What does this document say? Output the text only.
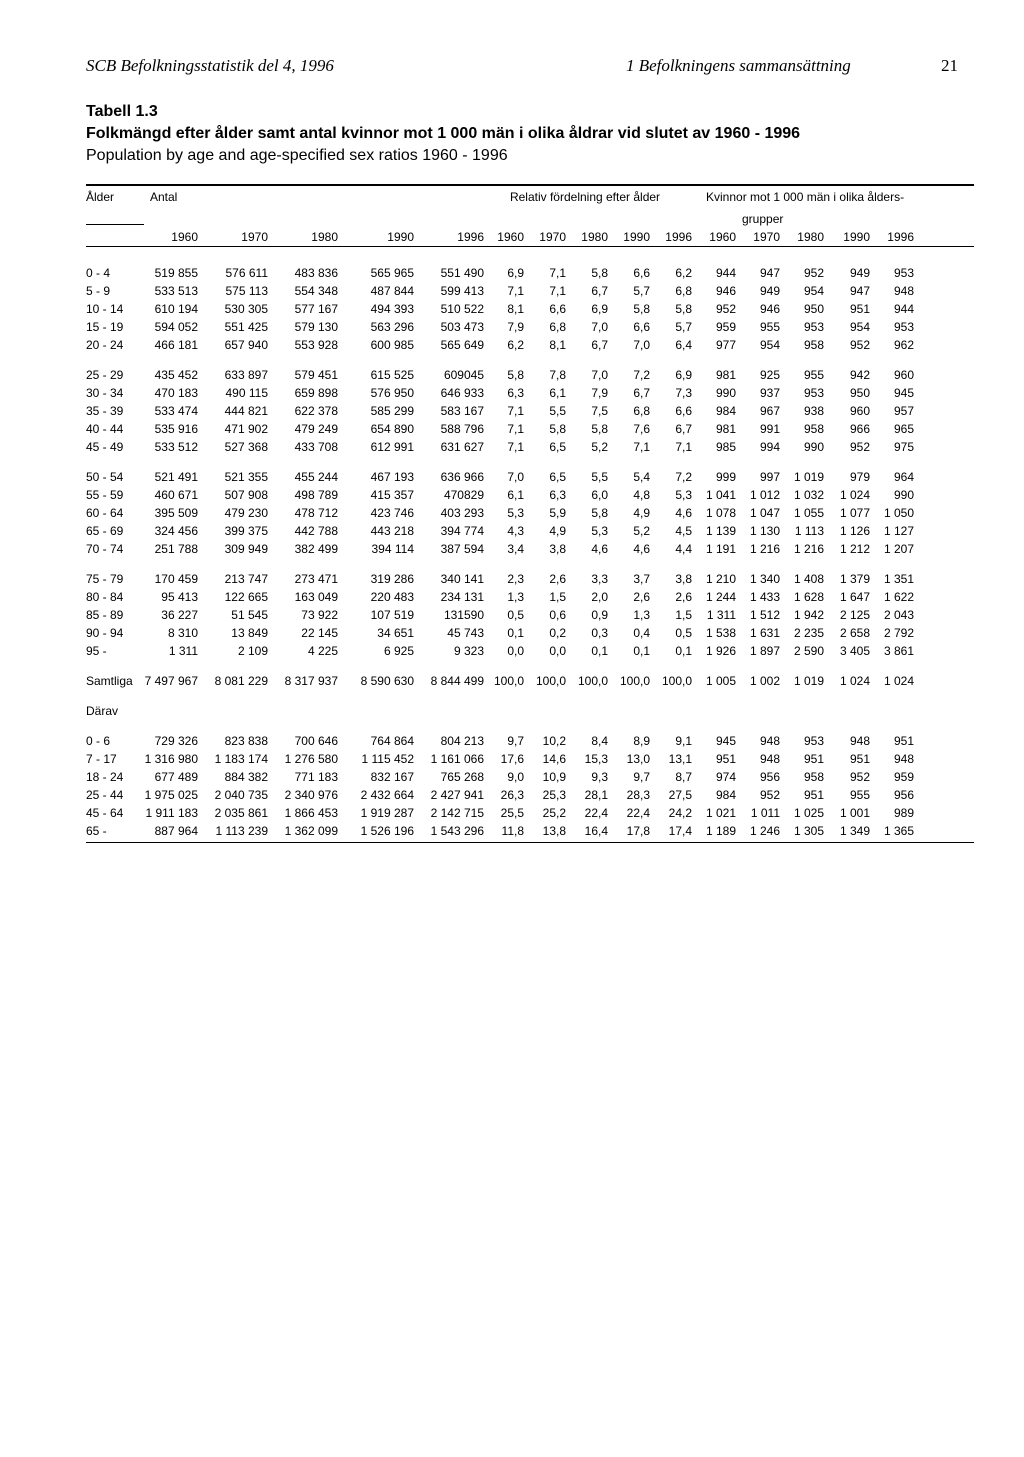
SCB Befolkningsstatistik del 4, 1996	1 Befolkningens sammansättning	21
Tabell 1.3
Folkmängd efter ålder samt antal kvinnor mot 1 000 män i olika åldrar vid slutet av 1960 - 1996
Population by age and age-specified sex ratios 1960 - 1996
Ålder	Antal					Relativ fördelning efter ålder					Kvinnor mot 1 000 män i olika ålders-				
											grupper				
	1960	1970	1980	1990	1996	1960	1970	1980	1990	1996	1960	1970	1980	1990	1996

0 - 4	519 855	576 611	483 836	565 965	551 490	6,9	7,1	5,8	6,6	6,2	944	947	952	949	953
5 - 9	533 513	575 113	554 348	487 844	599 413	7,1	7,1	6,7	5,7	6,8	946	949	954	947	948
10 - 14	610 194	530 305	577 167	494 393	510 522	8,1	6,6	6,9	5,8	5,8	952	946	950	951	944
15 - 19	594 052	551 425	579 130	563 296	503 473	7,9	6,8	7,0	6,6	5,7	959	955	953	954	953
20 - 24	466 181	657 940	553 928	600 985	565 649	6,2	8,1	6,7	7,0	6,4	977	954	958	952	962

25 - 29	435 452	633 897	579 451	615 525	609045	5,8	7,8	7,0	7,2	6,9	981	925	955	942	960
30 - 34	470 183	490 115	659 898	576 950	646 933	6,3	6,1	7,9	6,7	7,3	990	937	953	950	945
35 - 39	533 474	444 821	622 378	585 299	583 167	7,1	5,5	7,5	6,8	6,6	984	967	938	960	957
40 - 44	535 916	471 902	479 249	654 890	588 796	7,1	5,8	5,8	7,6	6,7	981	991	958	966	965
45 - 49	533 512	527 368	433 708	612 991	631 627	7,1	6,5	5,2	7,1	7,1	985	994	990	952	975

50 - 54	521 491	521 355	455 244	467 193	636 966	7,0	6,5	5,5	5,4	7,2	999	997	1 019	979	964
55 - 59	460 671	507 908	498 789	415 357	470829	6,1	6,3	6,0	4,8	5,3	1 041	1 012	1 032	1 024	990
60 - 64	395 509	479 230	478 712	423 746	403 293	5,3	5,9	5,8	4,9	4,6	1 078	1 047	1 055	1 077	1 050
65 - 69	324 456	399 375	442 788	443 218	394 774	4,3	4,9	5,3	5,2	4,5	1 139	1 130	1 113	1 126	1 127
70 - 74	251 788	309 949	382 499	394 114	387 594	3,4	3,8	4,6	4,6	4,4	1 191	1 216	1 216	1 212	1 207

75 - 79	170 459	213 747	273 471	319 286	340 141	2,3	2,6	3,3	3,7	3,8	1 210	1 340	1 408	1 379	1 351
80 - 84	95 413	122 665	163 049	220 483	234 131	1,3	1,5	2,0	2,6	2,6	1 244	1 433	1 628	1 647	1 622
85 - 89	36 227	51 545	73 922	107 519	131590	0,5	0,6	0,9	1,3	1,5	1 311	1 512	1 942	2 125	2 043
90 - 94	8 310	13 849	22 145	34 651	45 743	0,1	0,2	0,3	0,4	0,5	1 538	1 631	2 235	2 658	2 792
95 -	1 311	2 109	4 225	6 925	9 323	0,0	0,0	0,1	0,1	0,1	1 926	1 897	2 590	3 405	3 861

Samtliga	7 497 967	8 081 229	8 317 937	8 590 630	8 844 499	100,0	100,0	100,0	100,0	100,0	1 005	1 002	1 019	1 024	1 024

Därav															

0 - 6	729 326	823 838	700 646	764 864	804 213	9,7	10,2	8,4	8,9	9,1	945	948	953	948	951
7 - 17	1 316 980	1 183 174	1 276 580	1 115 452	1 161 066	17,6	14,6	15,3	13,0	13,1	951	948	951	951	948
18 - 24	677 489	884 382	771 183	832 167	765 268	9,0	10,9	9,3	9,7	8,7	974	956	958	952	959
25 - 44	1 975 025	2 040 735	2 340 976	2 432 664	2 427 941	26,3	25,3	28,1	28,3	27,5	984	952	951	955	956
45 - 64	1 911 183	2 035 861	1 866 453	1 919 287	2 142 715	25,5	25,2	22,4	22,4	24,2	1 021	1 011	1 025	1 001	989
65 -	887 964	1 113 239	1 362 099	1 526 196	1 543 296	11,8	13,8	16,4	17,8	17,4	1 189	1 246	1 305	1 349	1 365
